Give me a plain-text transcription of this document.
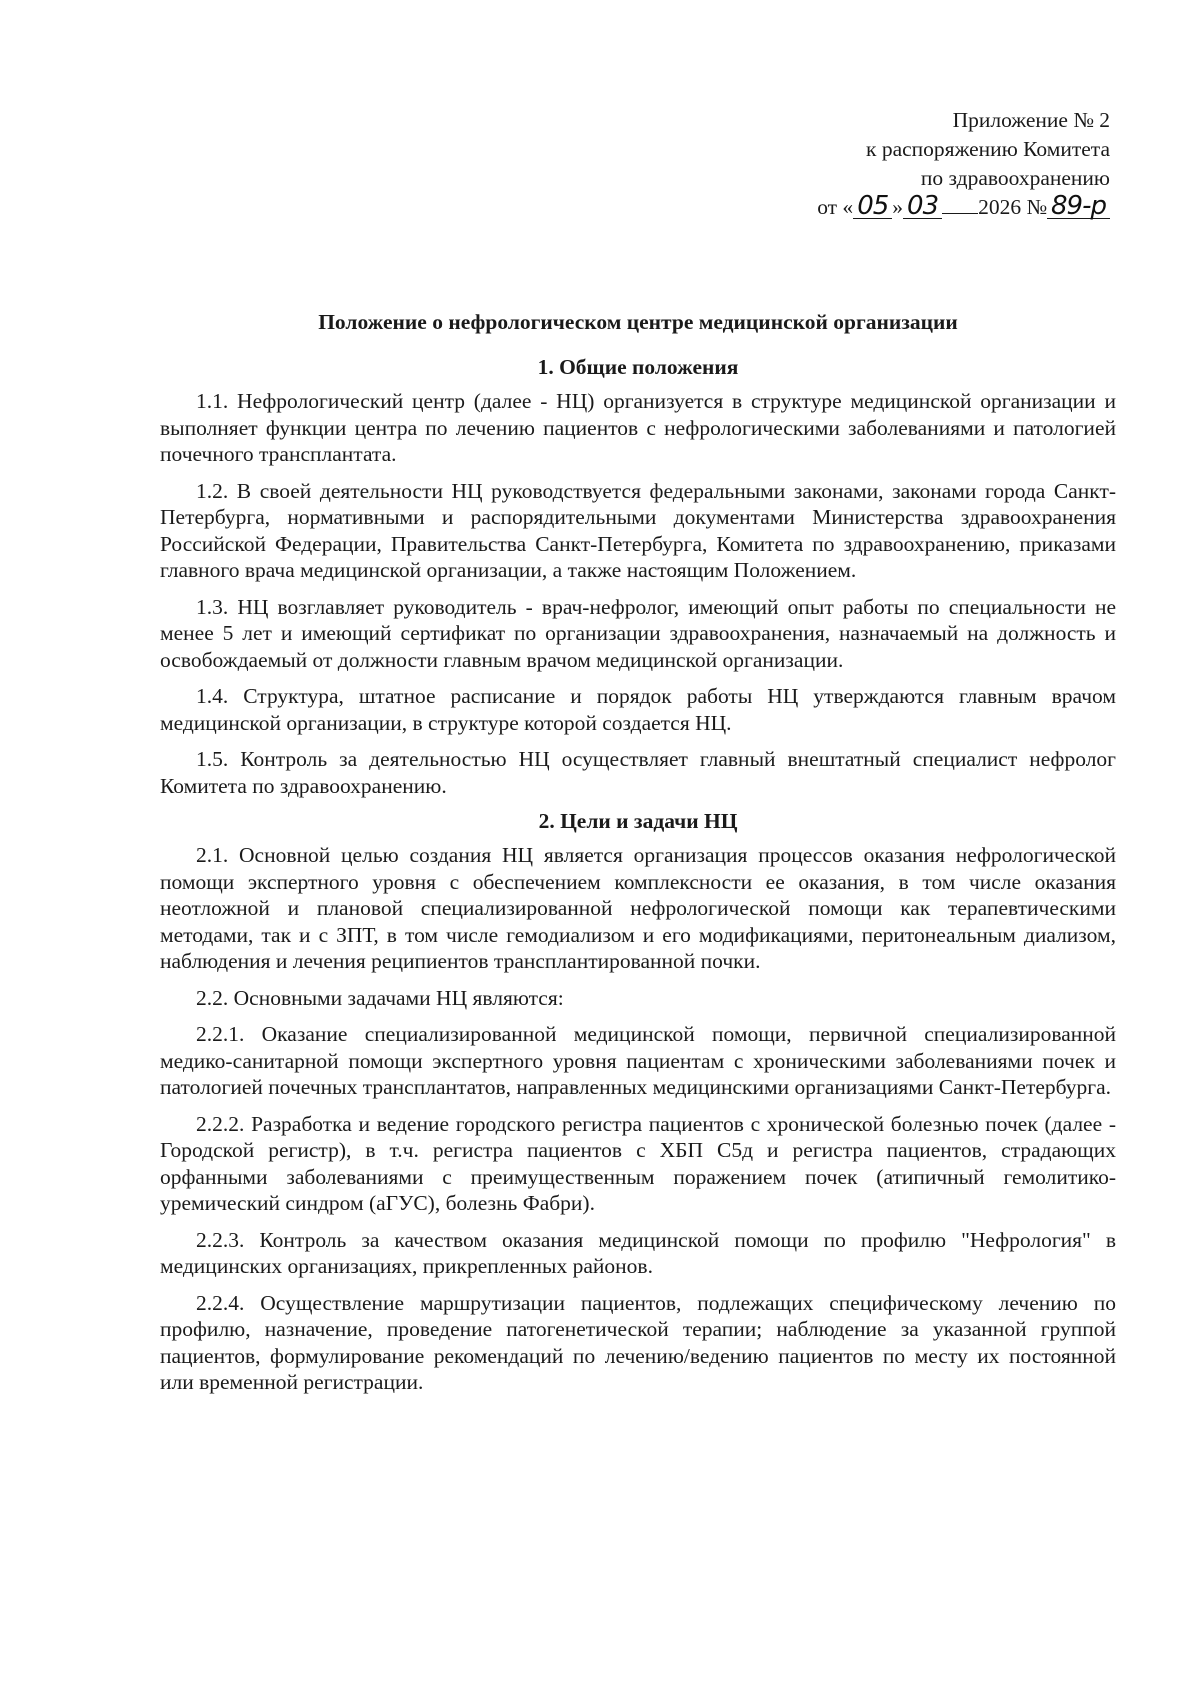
Приложение № 2
к распоряжению Комитета
по здравоохранению
от « 05 » 03 2026 № 89-р
Положение о нефрологическом центре медицинской организации
1. Общие положения

1.1. Нефрологический центр (далее - НЦ) организуется в структуре медицинской организации и выполняет функции центра по лечению пациентов с нефрологическими заболеваниями и патологией почечного трансплантата.

1.2. В своей деятельности НЦ руководствуется федеральными законами, законами города Санкт-Петербурга, нормативными и распорядительными документами Министерства здравоохранения Российской Федерации, Правительства Санкт-Петербурга, Комитета по здравоохранению, приказами главного врача медицинской организации, а также настоящим Положением.

1.3. НЦ возглавляет руководитель - врач-нефролог, имеющий опыт работы по специальности не менее 5 лет и имеющий сертификат по организации здравоохранения, назначаемый на должность и освобождаемый от должности главным врачом медицинской организации.

1.4. Структура, штатное расписание и порядок работы НЦ утверждаются главным врачом медицинской организации, в структуре которой создается НЦ.

1.5. Контроль за деятельностью НЦ осуществляет главный внештатный специалист нефролог Комитета по здравоохранению.

2. Цели и задачи НЦ

2.1. Основной целью создания НЦ является организация процессов оказания нефрологической помощи экспертного уровня с обеспечением комплексности ее оказания, в том числе оказания неотложной и плановой специализированной нефрологической помощи как терапевтическими методами, так и с ЗПТ, в том числе гемодиализом и его модификациями, перитонеальным диализом, наблюдения и лечения реципиентов трансплантированной почки.

2.2. Основными задачами НЦ являются:

2.2.1. Оказание специализированной медицинской помощи, первичной специализированной медико-санитарной помощи экспертного уровня пациентам с хроническими заболеваниями почек и патологией почечных трансплантатов, направленных медицинскими организациями Санкт-Петербурга.

2.2.2. Разработка и ведение городского регистра пациентов с хронической болезнью почек (далее - Городской регистр), в т.ч. регистра пациентов с ХБП С5д и регистра пациентов, страдающих орфанными заболеваниями с преимущественным поражением почек (атипичный гемолитико-уремический синдром (аГУС), болезнь Фабри).

2.2.3. Контроль за качеством оказания медицинской помощи по профилю "Нефрология" в медицинских организациях, прикрепленных районов.

2.2.4. Осуществление маршрутизации пациентов, подлежащих специфическому лечению по профилю, назначение, проведение патогенетической терапии; наблюдение за указанной группой пациентов, формулирование рекомендаций по лечению/ведению пациентов по месту их постоянной или временной регистрации.
